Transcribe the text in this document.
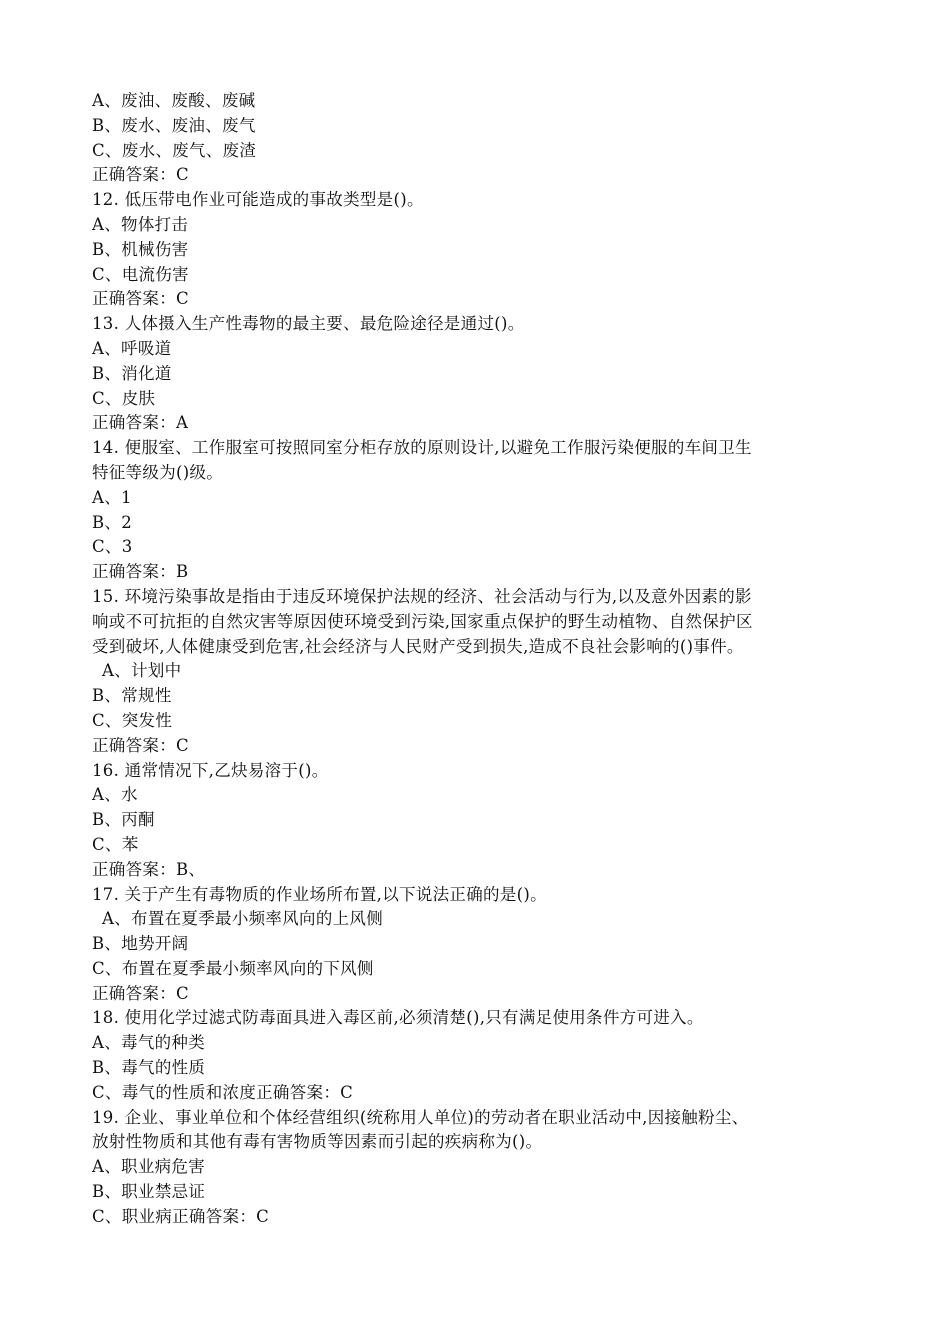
A、废油、废酸、废碱
B、废水、废油、废气
C、废水、废气、废渣
正确答案：C
12. 低压带电作业可能造成的事故类型是()。
A、物体打击
B、机械伤害
C、电流伤害
正确答案：C
13. 人体摄入生产性毒物的最主要、最危险途径是通过()。
A、呼吸道
B、消化道
C、皮肤
正确答案：A
14. 便服室、工作服室可按照同室分柜存放的原则设计,以避免工作服污染便服的车间卫生
特征等级为()级。
A、1
B、2
C、3
正确答案：B
15. 环境污染事故是指由于违反环境保护法规的经济、社会活动与行为,以及意外因素的影
响或不可抗拒的自然灾害等原因使环境受到污染,国家重点保护的野生动植物、自然保护区
受到破坏,人体健康受到危害,社会经济与人民财产受到损失,造成不良社会影响的()事件。
A、计划中
B、常规性
C、突发性
正确答案：C
16. 通常情况下,乙炔易溶于()。
A、水
B、丙酮
C、苯
正确答案：B、
17. 关于产生有毒物质的作业场所布置,以下说法正确的是()。
A、布置在夏季最小频率风向的上风侧
B、地势开阔
C、布置在夏季最小频率风向的下风侧
正确答案：C
18. 使用化学过滤式防毒面具进入毒区前,必须清楚(),只有满足使用条件方可进入。
A、毒气的种类
B、毒气的性质
C、毒气的性质和浓度正确答案：C
19. 企业、事业单位和个体经营组织(统称用人单位)的劳动者在职业活动中,因接触粉尘、
放射性物质和其他有毒有害物质等因素而引起的疾病称为()。
A、职业病危害
B、职业禁忌证
C、职业病正确答案：C
